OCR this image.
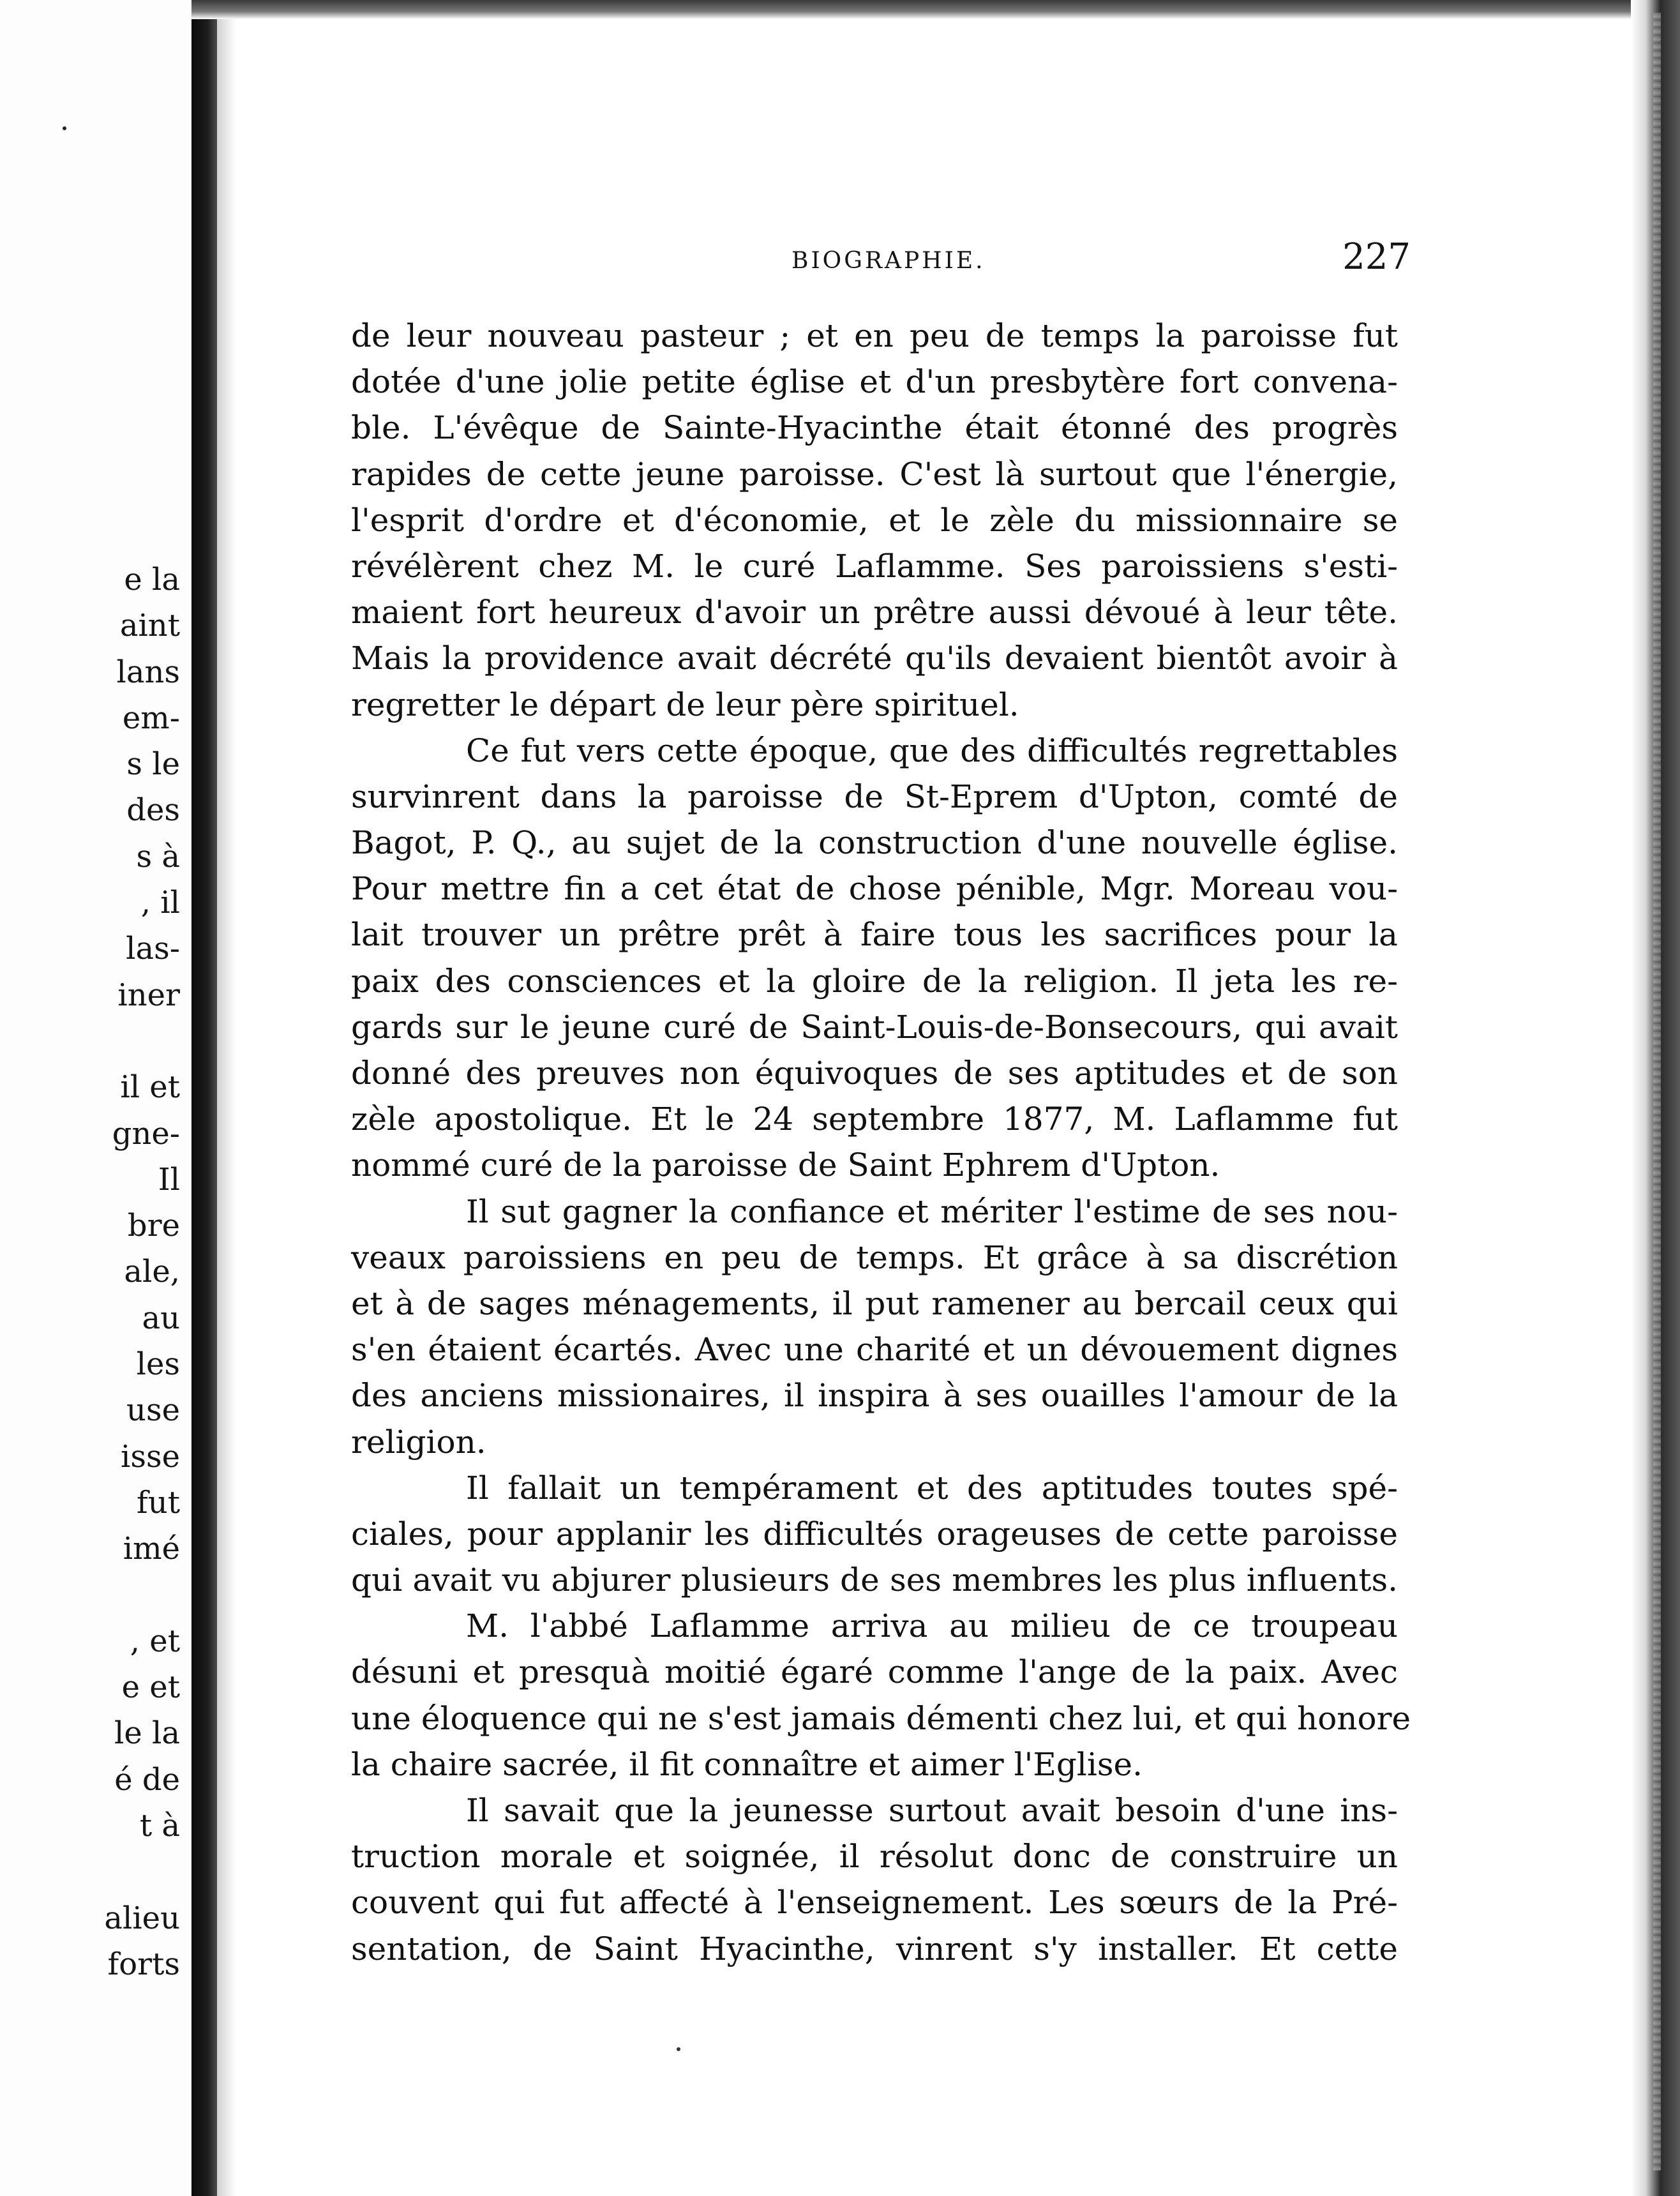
e la
aint
lans
em-
s le
des
s à
, il
las-
iner
il et
gne-
Il
bre
ale,
au
les
use
isse
fut
imé
, et
e et
le la
é de
t à
alieu
forts
BIOGRAPHIE.	227
de leur nouveau pasteur ; et en peu de temps la paroisse fut
dotée d'une jolie petite église et d'un presbytère fort convena-
ble. L'évêque de Sainte-Hyacinthe était étonné des progrès
rapides de cette jeune paroisse. C'est là surtout que l'énergie,
l'esprit d'ordre et d'économie, et le zèle du missionnaire se
révélèrent chez M. le curé Laflamme. Ses paroissiens s'esti-
maient fort heureux d'avoir un prêtre aussi dévoué à leur tête.
Mais la providence avait décrété qu'ils devaient bientôt avoir à
regretter le départ de leur père spirituel.
Ce fut vers cette époque, que des difficultés regrettables
survinrent dans la paroisse de St-Eprem d'Upton, comté de
Bagot, P. Q., au sujet de la construction d'une nouvelle église.
Pour mettre fin a cet état de chose pénible, Mgr. Moreau vou-
lait trouver un prêtre prêt à faire tous les sacrifices pour la
paix des consciences et la gloire de la religion. Il jeta les re-
gards sur le jeune curé de Saint-Louis-de-Bonsecours, qui avait
donné des preuves non équivoques de ses aptitudes et de son
zèle apostolique. Et le 24 septembre 1877, M. Laflamme fut
nommé curé de la paroisse de Saint Ephrem d'Upton.
Il sut gagner la confiance et mériter l'estime de ses nou-
veaux paroissiens en peu de temps. Et grâce à sa discrétion
et à de sages ménagements, il put ramener au bercail ceux qui
s'en étaient écartés. Avec une charité et un dévouement dignes
des anciens missionaires, il inspira à ses ouailles l'amour de la
religion.
Il fallait un tempérament et des aptitudes toutes spé-
ciales, pour applanir les difficultés orageuses de cette paroisse
qui avait vu abjurer plusieurs de ses membres les plus influents.
M. l'abbé Laflamme arriva au milieu de ce troupeau
désuni et presquà moitié égaré comme l'ange de la paix. Avec
une éloquence qui ne s'est jamais démenti chez lui, et qui honore
la chaire sacrée, il fit connaître et aimer l'Eglise.
Il savait que la jeunesse surtout avait besoin d'une ins-
truction morale et soignée, il résolut donc de construire un
couvent qui fut affecté à l'enseignement. Les sœurs de la Pré-
sentation, de Saint Hyacinthe, vinrent s'y installer. Et cette
